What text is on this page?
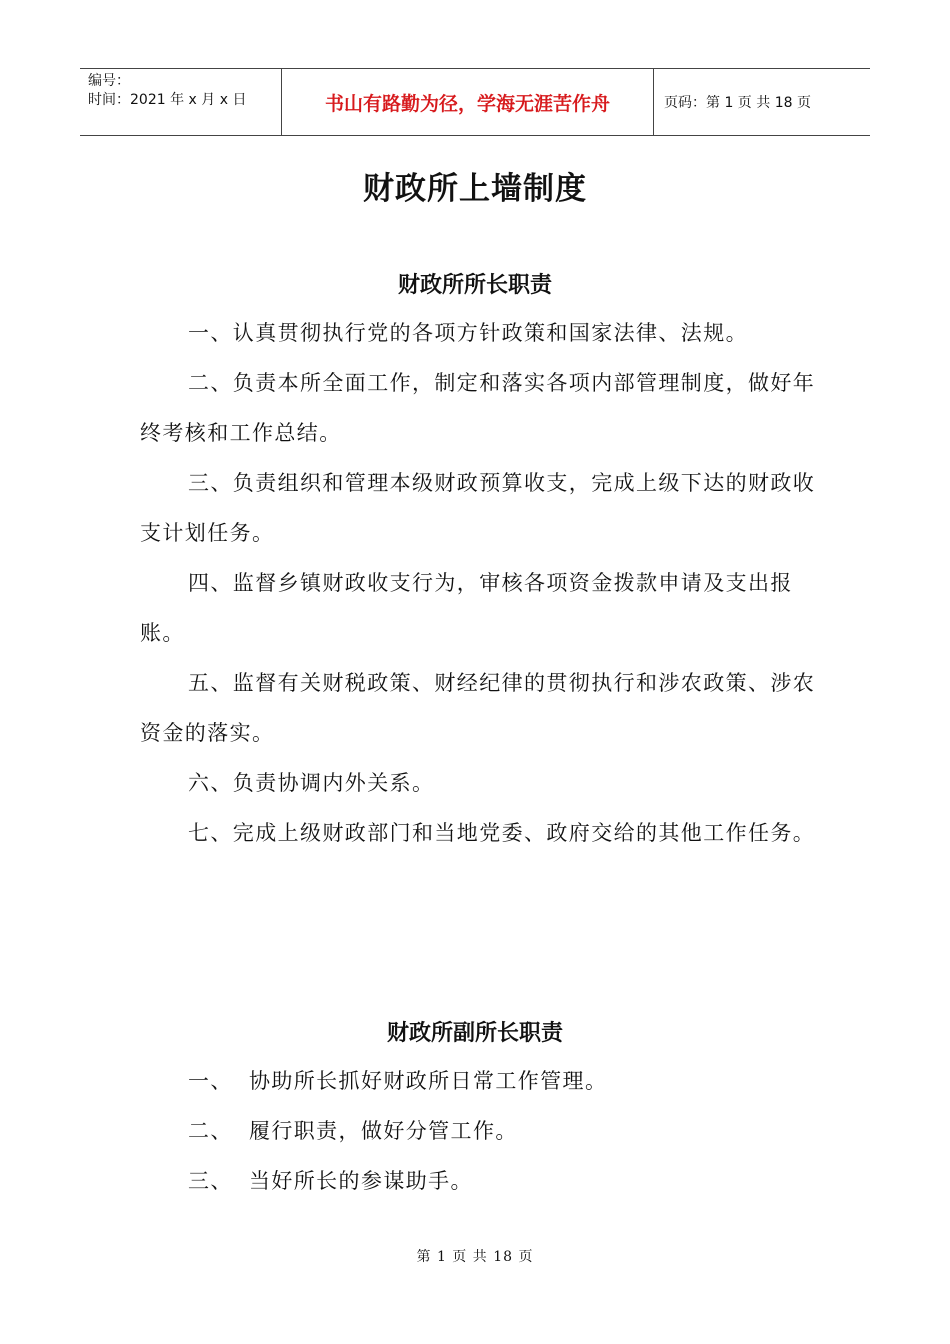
编号：
时间：2021 年 x 月 x 日	书山有路勤为径，学海无涯苦作舟	页码：第 1 页 共 18 页
财政所上墙制度
财政所所长职责

一、认真贯彻执行党的各项方针政策和国家法律、法规。

二、负责本所全面工作，制定和落实各项内部管理制度，做好年终考核和工作总结。

三、负责组织和管理本级财政预算收支，完成上级下达的财政收支计划任务。

四、监督乡镇财政收支行为，审核各项资金拨款申请及支出报账。

五、监督有关财税政策、财经纪律的贯彻执行和涉农政策、涉农资金的落实。

六、负责协调内外关系。

七、完成上级财政部门和当地党委、政府交给的其他工作任务。

财政所副所长职责
一、  协助所长抓好财政所日常工作管理。
二、  履行职责，做好分管工作。
三、  当好所长的参谋助手。
第 1 页 共 18 页
